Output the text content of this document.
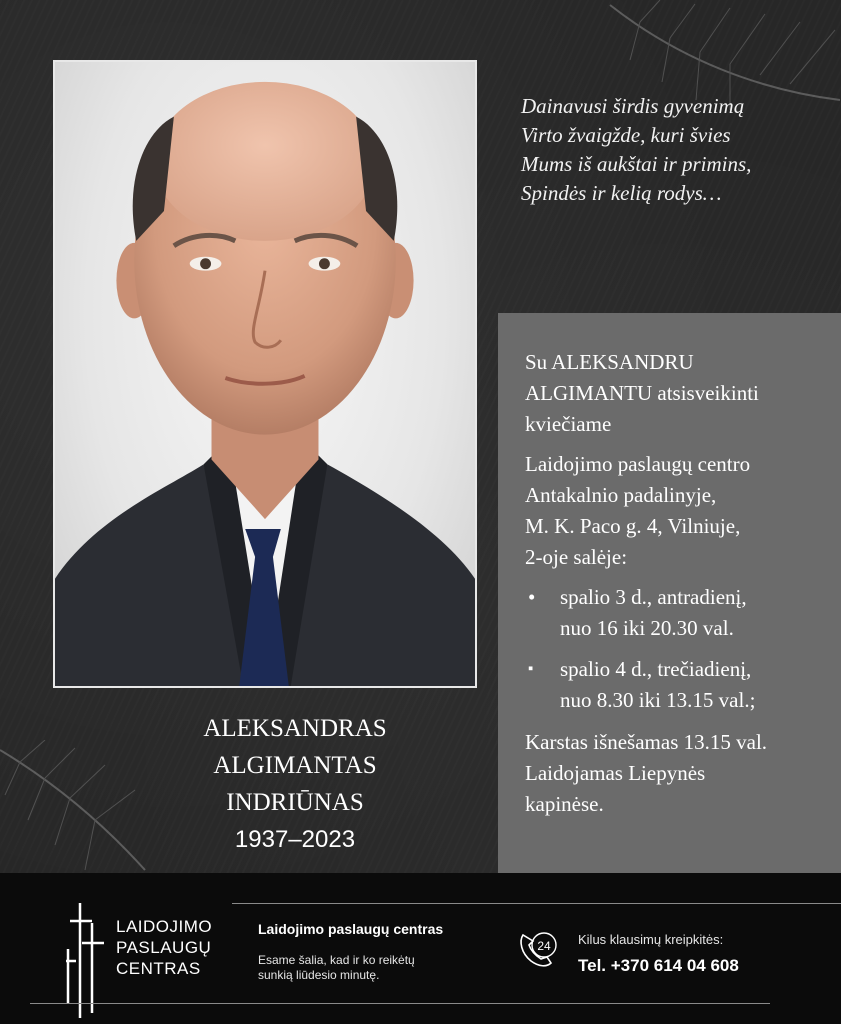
Dainavusi širdis gyvenimą
Virto žvaigžde, kuri švies
Mums iš aukštai ir primins,
Spindės ir kelią rodys…
ALEKSANDRAS
ALGIMANTAS
INDRIŪNAS
1937–2023

Su ALEKSANDRU
ALGIMANTU atsisveikinti
kviečiame

Laidojimo paslaugų centro
Antakalnio padalinyje,
M. K. Paco g. 4, Vilniuje,
2-oje salėje:

• spalio 3 d., antradienį,
nuo 16 iki 20.30 val.
▪ spalio 4 d., trečiadienį,
nuo 8.30 iki 13.15 val.;

Karstas išnešamas 13.15 val.
Laidojamas Liepynės
kapinėse.

LAIDOJIMO
PASLAUGŲ
CENTRAS
Laidojimo paslaugų centras
Esame šalia, kad ir ko reikėtų
sunkią liūdesio minutę.
24 Kilus klausimų kreipkitės:
Tel. +370 614 04 608
